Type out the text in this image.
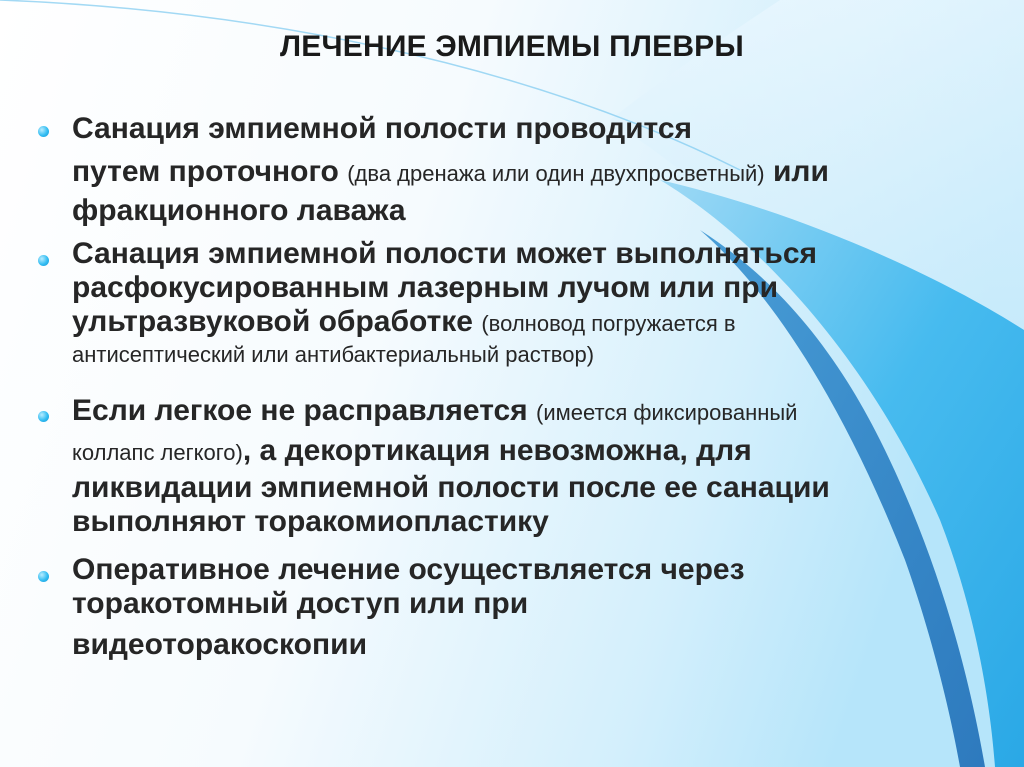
ЛЕЧЕНИЕ ЭМПИЕМЫ ПЛЕВРЫ
Санация эмпиемной полости проводится
путем проточного (два дренажа или один двухпросветный) или
фракционного лаважа
Санация эмпиемной полости может выполняться
расфокусированным лазерным лучом или при
ультразвуковой обработке (волновод погружается в
антисептический или антибактериальный раствор)
Если легкое не расправляется (имеется фиксированный
коллапс легкого), а декортикация невозможна, для
ликвидации эмпиемной полости после ее санации
выполняют торакомиопластику
Оперативное лечение осуществляется через
торакотомный доступ или при
видеоторакоскопии
